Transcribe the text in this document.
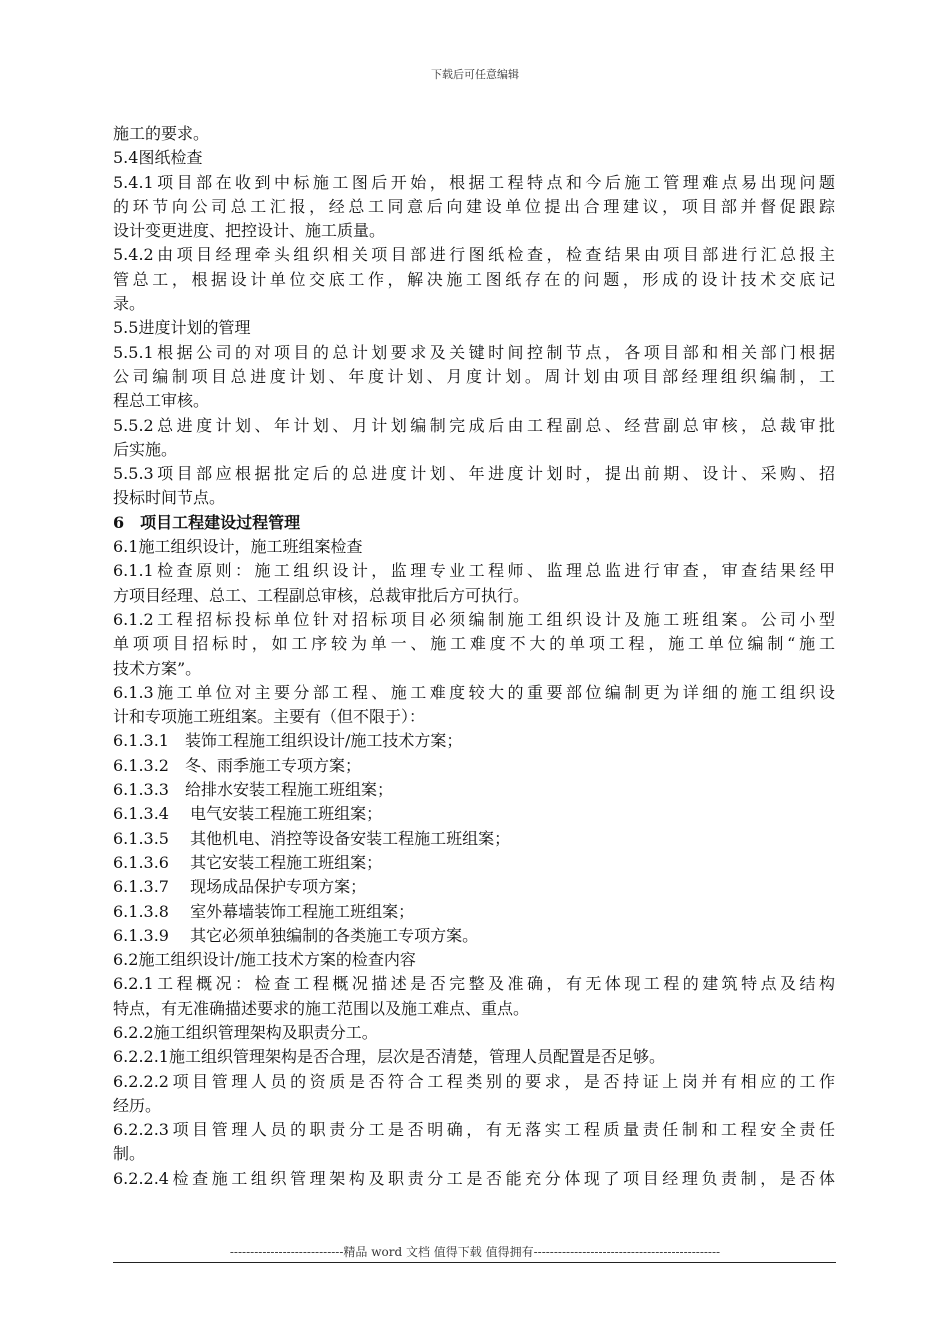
下载后可任意编辑
施工的要求。
5.4图纸检查
5.4.1项目部在收到中标施工图后开始，根据工程特点和今后施工管理难点易出现问题
的环节向公司总工汇报，经总工同意后向建设单位提出合理建议，项目部并督促跟踪
设计变更进度、把控设计、施工质量。
5.4.2由项目经理牵头组织相关项目部进行图纸检查，检查结果由项目部进行汇总报主
管总工，根据设计单位交底工作，解决施工图纸存在的问题，形成的设计技术交底记
录。
5.5进度计划的管理
5.5.1根据公司的对项目的总计划要求及关键时间控制节点，各项目部和相关部门根据
公司编制项目总进度计划、年度计划、月度计划。周计划由项目部经理组织编制，工
程总工审核。
5.5.2总进度计划、年计划、月计划编制完成后由工程副总、经营副总审核，总裁审批
后实施。
5.5.3项目部应根据批定后的总进度计划、年进度计划时，提出前期、设计、采购、招
投标时间节点。
6　项目工程建设过程管理
6.1施工组织设计，施工班组案检查
6.1.1检查原则：施工组织设计，监理专业工程师、监理总监进行审查，审查结果经甲
方项目经理、总工、工程副总审核，总裁审批后方可执行。
6.1.2工程招标投标单位针对招标项目必须编制施工组织设计及施工班组案。公司小型
单项项目招标时，如工序较为单一、施工难度不大的单项工程，施工单位编制“施工
技术方案”。
6.1.3施工单位对主要分部工程、施工难度较大的重要部位编制更为详细的施工组织设
计和专项施工班组案。主要有（但不限于）：
6.1.3.1　装饰工程施工组织设计/施工技术方案；
6.1.3.2　冬、雨季施工专项方案；
6.1.3.3　给排水安装工程施工班组案；
6.1.3.4　 电气安装工程施工班组案；
6.1.3.5　 其他机电、消控等设备安装工程施工班组案；
6.1.3.6　 其它安装工程施工班组案；
6.1.3.7　 现场成品保护专项方案；
6.1.3.8　 室外幕墙装饰工程施工班组案；
6.1.3.9　 其它必须单独编制的各类施工专项方案。
6.2施工组织设计/施工技术方案的检查内容
6.2.1工程概况：检查工程概况描述是否完整及准确，有无体现工程的建筑特点及结构
特点，有无准确描述要求的施工范围以及施工难点、重点。
6.2.2施工组织管理架构及职责分工。
6.2.2.1施工组织管理架构是否合理，层次是否清楚，管理人员配置是否足够。
6.2.2.2项目管理人员的资质是否符合工程类别的要求，是否持证上岗并有相应的工作
经历。
6.2.2.3项目管理人员的职责分工是否明确，有无落实工程质量责任制和工程安全责任
制。
6.2.2.4检查施工组织管理架构及职责分工是否能充分体现了项目经理负责制，是否体
----------------------------精品 word 文档 值得下载 值得拥有----------------------------------------------
